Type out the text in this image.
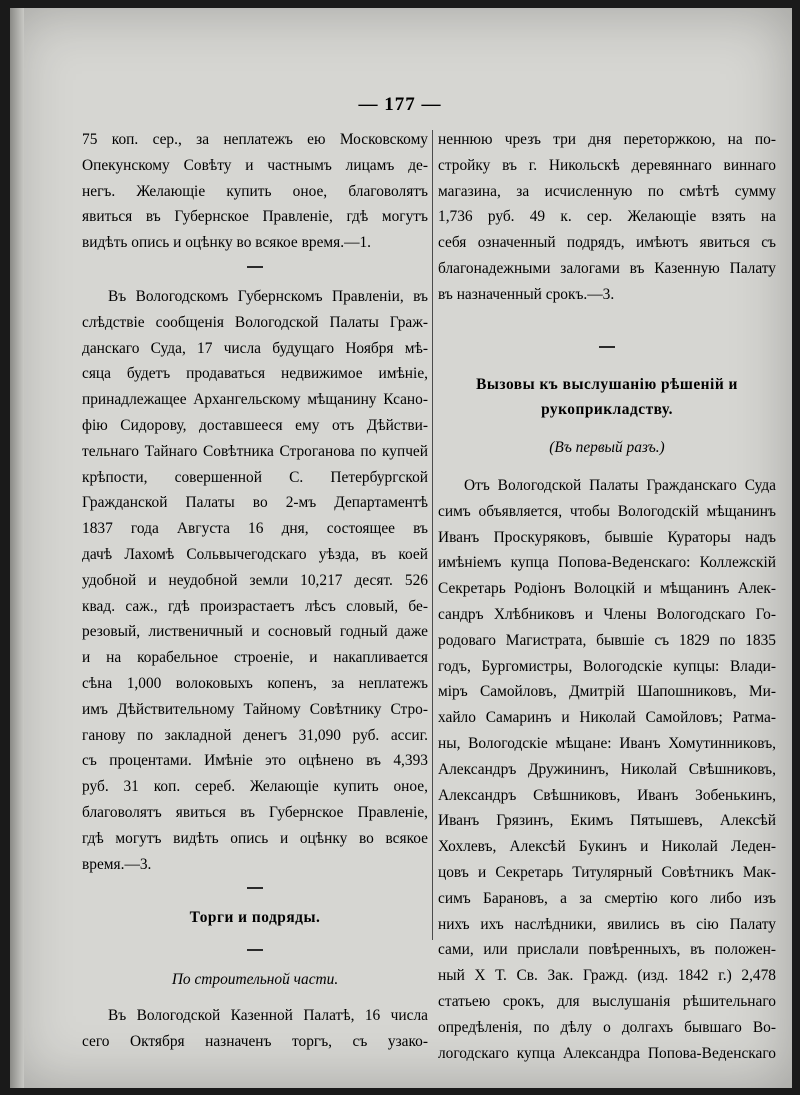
— 177 —

75 коп. сер., за неплатежъ ею Московскому
Опекунскому Совѣту и частнымъ лицамъ де-
негъ. Желающіе купить оное, благоволятъ
явиться въ Губернское Правленіе, гдѣ могутъ
видѣть опись и оцѣнку во всякое время.—1.

Въ Вологодскомъ Губернскомъ Правленіи, въ
слѣдствіе сообщенія Вологодской Палаты Граж-
данскаго Суда, 17 числа будущаго Ноября мѣ-
сяца будетъ продаваться недвижимое имѣніе,
принадлежащее Архангельскому мѣщанину Ксано-
фію Сидорову, доставшееся ему отъ Дѣйстви-
тельнаго Тайнаго Совѣтника Строганова по купчей
крѣпости, совершенной С. Петербургской
Гражданской Палаты во 2-мъ Департаментѣ
1837 года Августа 16 дня, состоящее въ
дачѣ Лахомѣ Сольвычегодскаго уѣзда, въ коей
удобной и неудобной земли 10,217 десят. 526
квад. саж., гдѣ произрастаетъ лѣсъ словый, бе-
резовый, лиственичный и сосновый годный даже
и на корабельное строеніе, и накапливается
сѣна 1,000 волоковыхъ копенъ, за неплатежъ
имъ Дѣйствительному Тайному Совѣтнику Стро-
ганову по закладной денегъ 31,090 руб. ассиг.
съ процентами. Имѣніе это оцѣнено въ 4,393
руб. 31 коп. сереб. Желающіе купить оное,
благоволятъ явиться въ Губернское Правленіе,
гдѣ могутъ видѣть опись и оцѣнку во всякое
время.—3.

Торги и подряды.
По строительной части.

Въ Вологодской Казенной Палатѣ, 16 числа
сего Октября назначенъ торгъ, съ узако-

неннюю чрезъ три дня переторжкою, на по-
стройку въ г. Никольскѣ деревяннаго виннаго
магазина, за исчисленную по смѣтѣ сумму
1,736 руб. 49 к. сер. Желающіе взять на
себя означенный подрядъ, имѣютъ явиться съ
благонадежными залогами въ Казенную Палату
въ назначенный срокъ.—3.

Вызовы къ выслушанію рѣшеній и
рукоприкладству.
(Въ первый разъ.)

Отъ Вологодской Палаты Гражданскаго Суда
симъ объявляется, чтобы Вологодскій мѣщанинъ
Иванъ Проскуряковъ, бывшіе Кураторы надъ
имѣніемъ купца Попова-Веденскаго: Коллежскій
Секретарь Родіонъ Волоцкій и мѣщанинъ Алек-
сандръ Хлѣбниковъ и Члены Вологодскаго Го-
родоваго Магистрата, бывшіе съ 1829 по 1835
годъ, Бургомистры, Вологодскіе купцы: Влади-
міръ Самойловъ, Дмитрій Шапошниковъ, Ми-
хайло Самаринъ и Николай Самойловъ; Ратма-
ны, Вологодскіе мѣщане: Иванъ Хомутинниковъ,
Александръ Дружининъ, Николай Свѣшниковъ,
Александръ Свѣшниковъ, Иванъ Зобенькинъ,
Иванъ Грязинъ, Екимъ Пятышевъ, Алексѣй
Хохлевъ, Алексѣй Букинъ и Николай Леден-
цовъ и Секретарь Титулярный Совѣтникъ Мак-
симъ Барановъ, а за смертію кого либо изъ
нихъ ихъ наслѣдники, явились въ сію Палату
сами, или прислали повѣренныхъ, въ положен-
ный Х Т. Св. Зак. Гражд. (изд. 1842 г.) 2,478
статьею срокъ, для выслушанія рѣшительнаго
опредѣленія, по дѣлу о долгахъ бывшаго Во-
логодскаго купца Александра Попова-Веденскаго
